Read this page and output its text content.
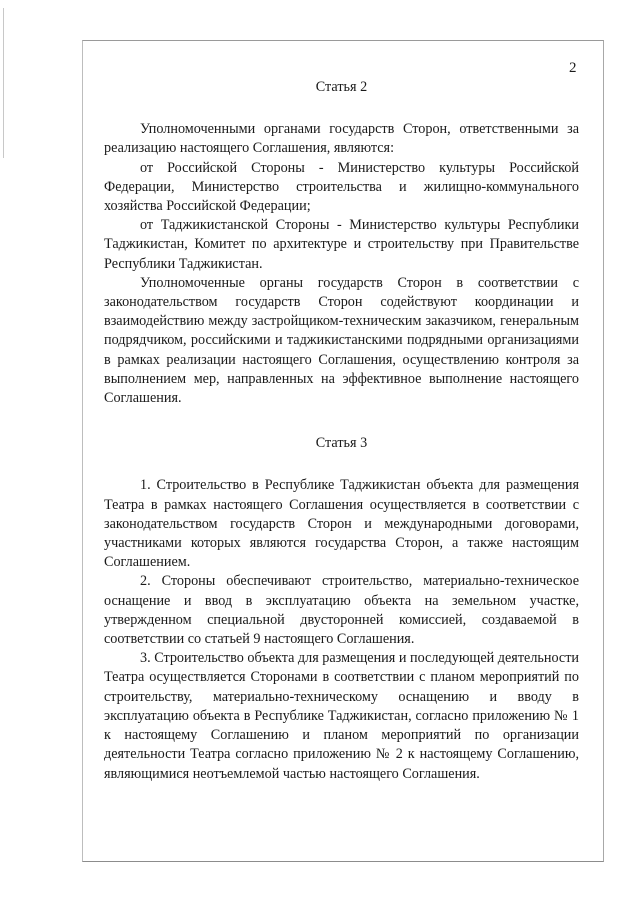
2
Статья 2

Уполномоченными органами государств Сторон, ответственными за реализацию настоящего Соглашения, являются:

от Российской Стороны - Министерство культуры Российской Федерации, Министерство строительства и жилищно-коммунального хозяйства Российской Федерации;

от Таджикистанской Стороны - Министерство культуры Республики Таджикистан, Комитет по архитектуре и строительству при Правительстве Республики Таджикистан.

Уполномоченные органы государств Сторон в соответствии с законодательством государств Сторон содействуют координации и взаимодействию между застройщиком-техническим заказчиком, генеральным подрядчиком, российскими и таджикистанскими подрядными организациями в рамках реализации настоящего Соглашения, осуществлению контроля за выполнением мер, направленных на эффективное выполнение настоящего Соглашения.

Статья 3

1. Строительство в Республике Таджикистан объекта для размещения Театра в рамках настоящего Соглашения осуществляется в соответствии с законодательством государств Сторон и международными договорами, участниками которых являются государства Сторон, а также настоящим Соглашением.

2. Стороны обеспечивают строительство, материально-техническое оснащение и ввод в эксплуатацию объекта на земельном участке, утвержденном специальной двусторонней комиссией, создаваемой в соответствии со статьей 9 настоящего Соглашения.

3. Строительство объекта для размещения и последующей деятельности Театра осуществляется Сторонами в соответствии с планом мероприятий по строительству, материально-техническому оснащению и вводу в эксплуатацию объекта в Республике Таджикистан, согласно приложению № 1 к настоящему Соглашению и планом мероприятий по организации деятельности Театра согласно приложению № 2 к настоящему Соглашению, являющимися неотъемлемой частью настоящего Соглашения.
